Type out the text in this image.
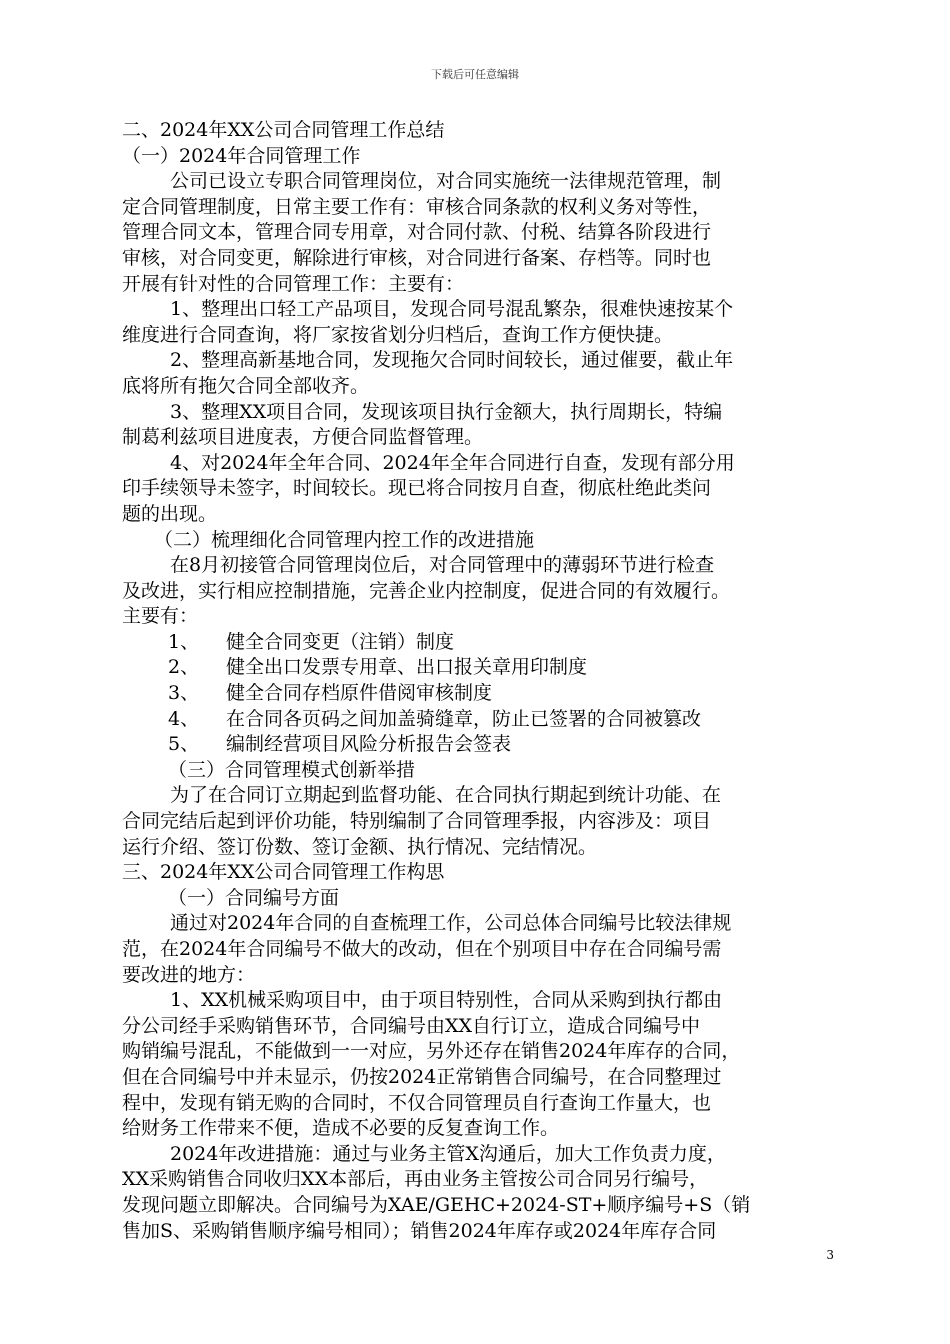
下载后可任意编辑
二、2024年XX公司合同管理工作总结
（一）2024年合同管理工作
公司已设立专职合同管理岗位，对合同实施统一法律规范管理，制
定合同管理制度，日常主要工作有：审核合同条款的权利义务对等性，
管理合同文本，管理合同专用章，对合同付款、付税、结算各阶段进行
审核，对合同变更，解除进行审核，对合同进行备案、存档等。同时也
开展有针对性的合同管理工作：主要有：
1、整理出口轻工产品项目，发现合同号混乱繁杂，很难快速按某个
维度进行合同查询，将厂家按省划分归档后，查询工作方便快捷。
2、整理高新基地合同，发现拖欠合同时间较长，通过催要，截止年
底将所有拖欠合同全部收齐。
3、整理XX项目合同，发现该项目执行金额大，执行周期长，特编
制葛利兹项目进度表，方便合同监督管理。
4、对2024年全年合同、2024年全年合同进行自查，发现有部分用
印手续领导未签字，时间较长。现已将合同按月自查，彻底杜绝此类问
题的出现。
（二）梳理细化合同管理内控工作的改进措施
在8月初接管合同管理岗位后，对合同管理中的薄弱环节进行检查
及改进，实行相应控制措施，完善企业内控制度，促进合同的有效履行。
主要有：
1、 健全合同变更（注销）制度
2、 健全出口发票专用章、出口报关章用印制度
3、 健全合同存档原件借阅审核制度
4、 在合同各页码之间加盖骑缝章，防止已签署的合同被篡改
5、 编制经营项目风险分析报告会签表
（三）合同管理模式创新举措
为了在合同订立期起到监督功能、在合同执行期起到统计功能、在
合同完结后起到评价功能，特别编制了合同管理季报，内容涉及：项目
运行介绍、签订份数、签订金额、执行情况、完结情况。
三、2024年XX公司合同管理工作构思
（一）合同编号方面
通过对2024年合同的自查梳理工作，公司总体合同编号比较法律规
范，在2024年合同编号不做大的改动，但在个别项目中存在合同编号需
要改进的地方：
1、XX机械采购项目中，由于项目特别性，合同从采购到执行都由
分公司经手采购销售环节，合同编号由XX自行订立，造成合同编号中
购销编号混乱，不能做到一一对应，另外还存在销售2024年库存的合同，
但在合同编号中并未显示，仍按2024正常销售合同编号，在合同整理过
程中，发现有销无购的合同时，不仅合同管理员自行查询工作量大，也
给财务工作带来不便，造成不必要的反复查询工作。
2024年改进措施：通过与业务主管X沟通后，加大工作负责力度，
XX采购销售合同收归XX本部后，再由业务主管按公司合同另行编号，
发现问题立即解决。合同编号为XAE/GEHC+2024-ST+顺序编号+S（销
售加S、采购销售顺序编号相同）；销售2024年库存或2024年库存合同
3
